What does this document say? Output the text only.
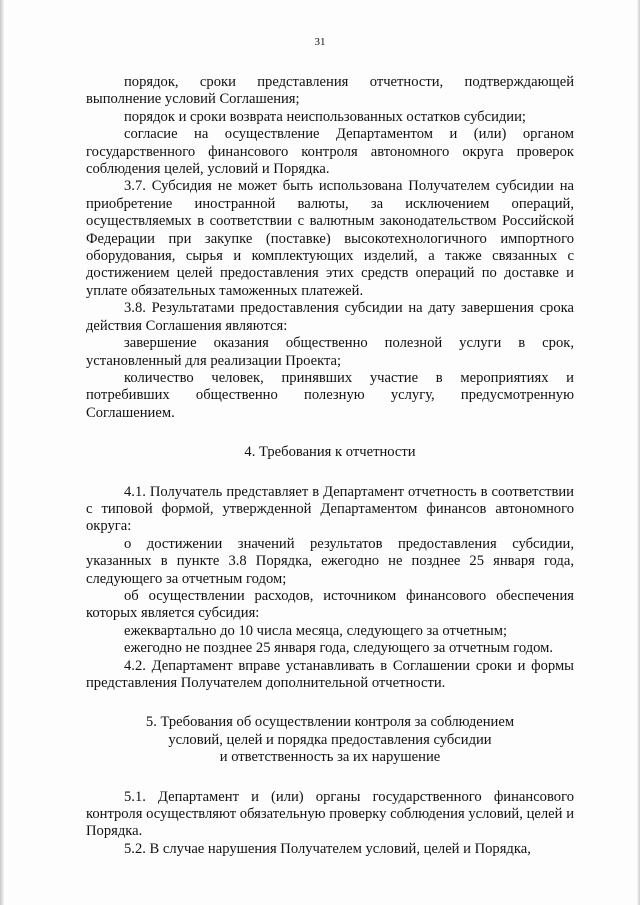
31

порядок, сроки представления отчетности, подтверждающей выполнение условий Соглашения;

порядок и сроки возврата неиспользованных остатков субсидии;

согласие на осуществление Департаментом и (или) органом государственного финансового контроля автономного округа проверок соблюдения целей, условий и Порядка.

3.7. Субсидия не может быть использована Получателем субсидии на приобретение иностранной валюты, за исключением операций, осуществляемых в соответствии с валютным законодательством Российской Федерации при закупке (поставке) высокотехнологичного импортного оборудования, сырья и комплектующих изделий, а также связанных с достижением целей предоставления этих средств операций по доставке и уплате обязательных таможенных платежей.

3.8. Результатами предоставления субсидии на дату завершения срока действия Соглашения являются:

завершение оказания общественно полезной услуги в срок, установленный для реализации Проекта;

количество человек, принявших участие в мероприятиях и потребивших общественно полезную услугу, предусмотренную Соглашением.

4. Требования к отчетности

4.1. Получатель представляет в Департамент отчетность в соответствии с типовой формой, утвержденной Департаментом финансов автономного округа:

о достижении значений результатов предоставления субсидии, указанных в пункте 3.8 Порядка, ежегодно не позднее 25 января года, следующего за отчетным годом;

об осуществлении расходов, источником финансового обеспечения которых является субсидия:

ежеквартально до 10 числа месяца, следующего за отчетным;

ежегодно не позднее 25 января года, следующего за отчетным годом.

4.2. Департамент вправе устанавливать в Соглашении сроки и формы представления Получателем дополнительной отчетности.

5. Требования об осуществлении контроля за соблюдением
условий, целей и порядка предоставления субсидии
и ответственность за их нарушение

5.1. Департамент и (или) органы государственного финансового контроля осуществляют обязательную проверку соблюдения условий, целей и Порядка.

5.2. В случае нарушения Получателем условий, целей и Порядка,
